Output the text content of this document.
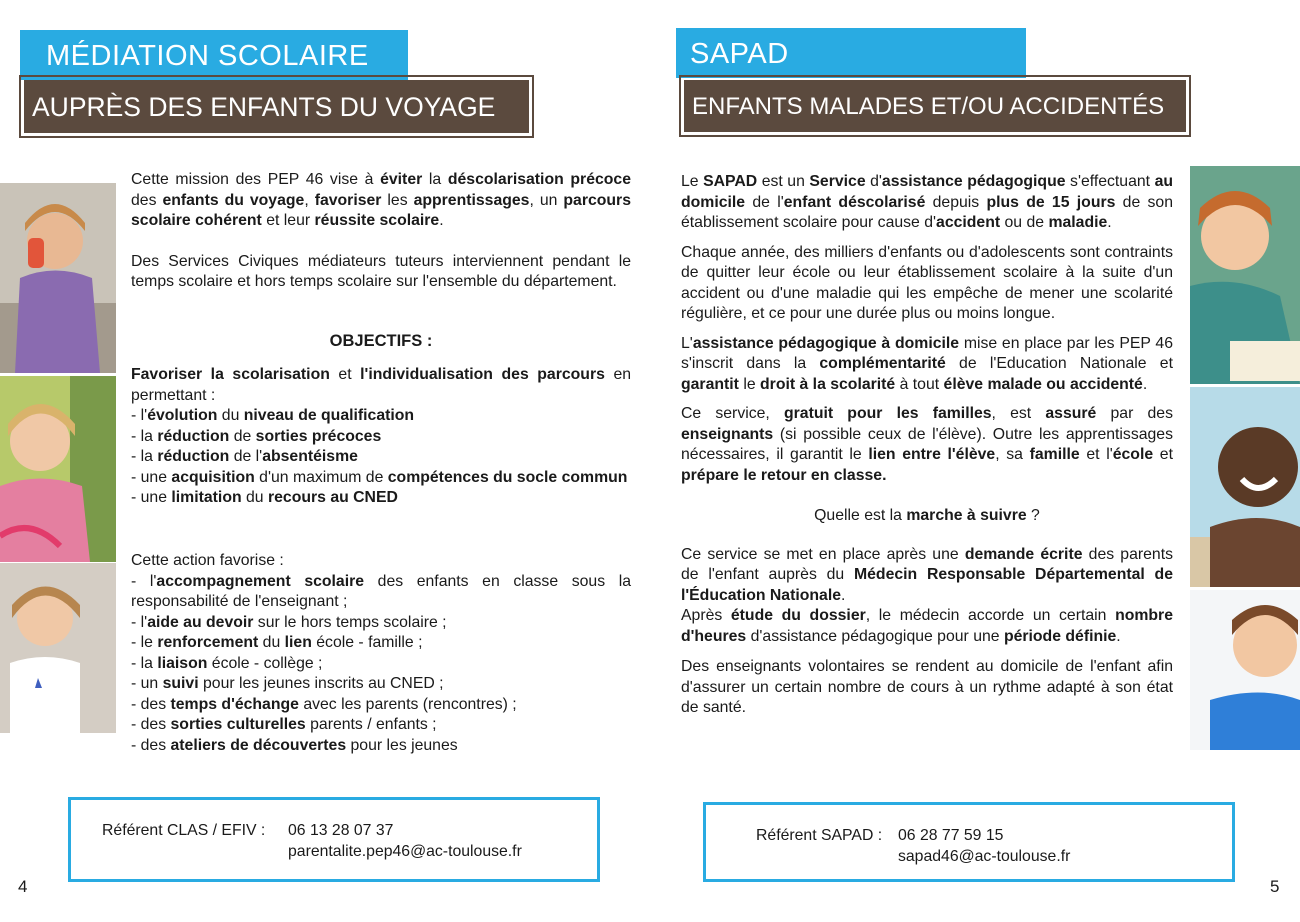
MÉDIATION SCOLAIRE
AUPRÈS DES ENFANTS DU VOYAGE

Cette mission des PEP 46 vise à éviter la déscolarisation précoce des enfants du voyage, favoriser les apprentissages, un parcours scolaire cohérent et leur réussite scolaire.

Des Services Civiques médiateurs tuteurs interviennent pendant le temps scolaire et hors temps scolaire sur l'ensemble du département.

OBJECTIFS :

Favoriser la scolarisation et l'individualisation des parcours en permettant :

- l'évolution du niveau de qualification

- la réduction de sorties précoces

- la réduction de l'absentéisme

- une acquisition d'un maximum de compétences du socle commun

- une limitation du recours au CNED

Cette action favorise :

- l'accompagnement scolaire des enfants en classe sous la responsabilité de l'enseignant ;

- l'aide au devoir sur le hors temps scolaire ;

- le renforcement du lien école - famille ;

- la liaison école - collège ;

- un suivi pour les jeunes inscrits au CNED ;

- des temps d'échange avec les parents (rencontres) ;

- des sorties culturelles parents / enfants ;

- des ateliers de découvertes pour les jeunes

Référent CLAS / EFIV : 06 13 28 07 37
parentalite.pep46@ac-toulouse.fr
4
SAPAD
ENFANTS MALADES ET/OU ACCIDENTÉS

Le SAPAD est un Service d'assistance pédagogique s'effectuant au domicile de l'enfant déscolarisé depuis plus de 15 jours de son établissement scolaire pour cause d'accident ou de maladie.

Chaque année, des milliers d'enfants ou d'adolescents sont contraints de quitter leur école ou leur établissement scolaire à la suite d'un accident ou d'une maladie qui les empêche de mener une scolarité régulière, et ce pour une durée plus ou moins longue.

L'assistance pédagogique à domicile mise en place par les PEP 46 s'inscrit dans la complémentarité de l'Education Nationale et garantit le droit à la scolarité à tout élève malade ou accidenté.

Ce service, gratuit pour les familles, est assuré par des enseignants (si possible ceux de l'élève). Outre les apprentissages nécessaires, il garantit le lien entre l'élève, sa famille et l'école et prépare le retour en classe.

Quelle est la marche à suivre ?

Ce service se met en place après une demande écrite des parents de l'enfant auprès du Médecin Responsable Départemental de l'Éducation Nationale.

Après étude du dossier, le médecin accorde un certain nombre d'heures d'assistance pédagogique pour une période définie.

Des enseignants volontaires se rendent au domicile de l'enfant afin d'assurer un certain nombre de cours à un rythme adapté à son état de santé.

Référent SAPAD : 06 28 77 59 15
sapad46@ac-toulouse.fr
5
